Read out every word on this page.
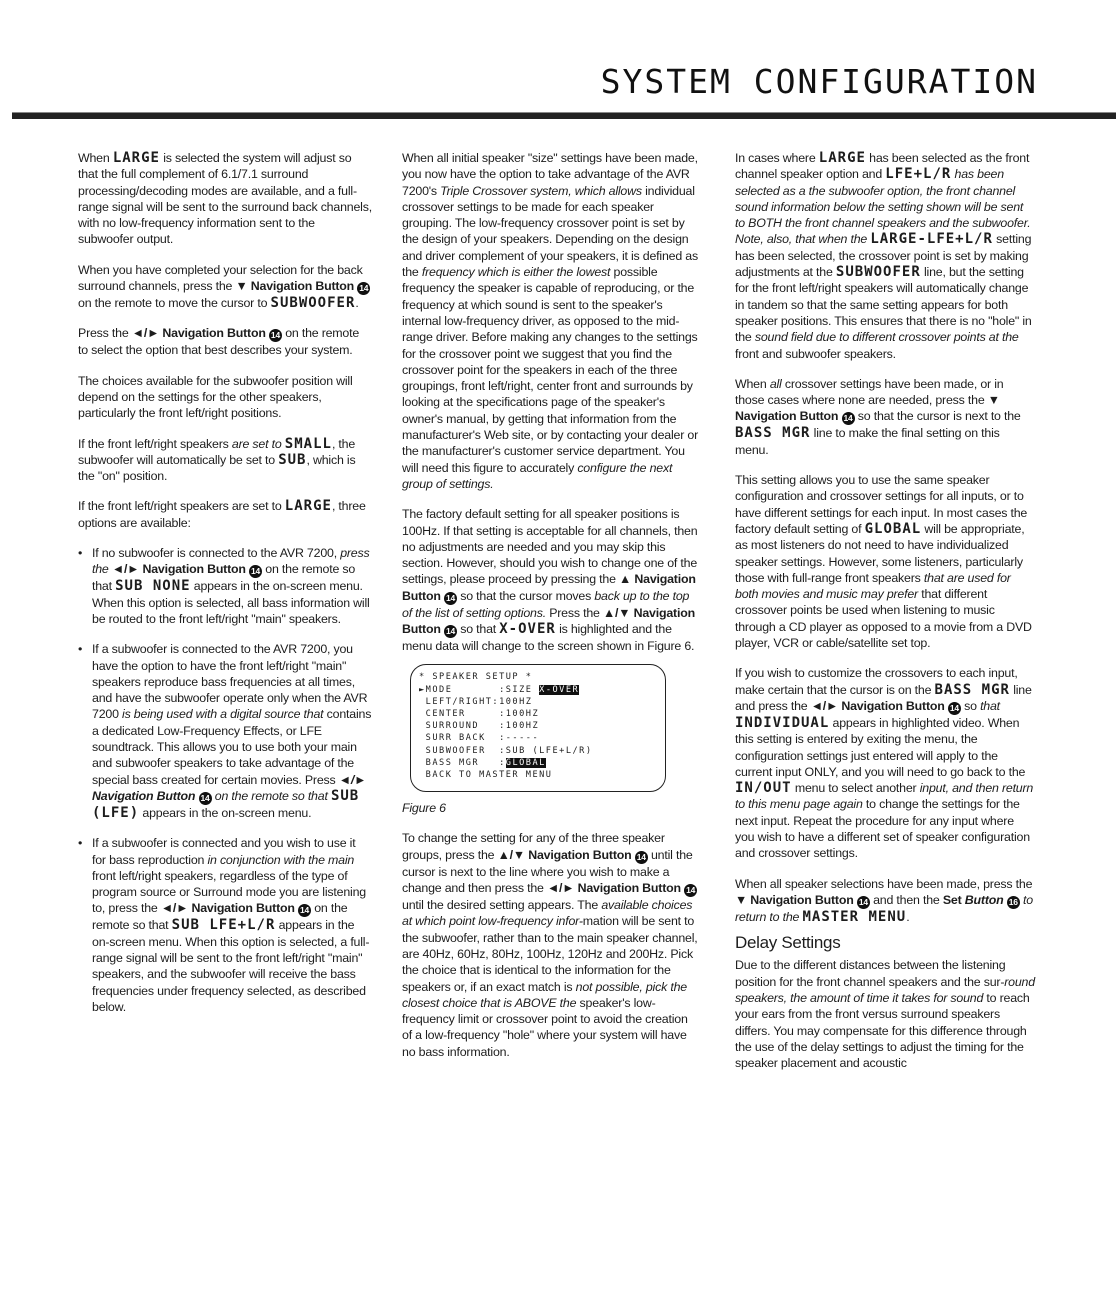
SYSTEM CONFIGURATION

When LARGE is selected the system will adjust so that the full complement of 6.1/7.1 surround processing/decoding modes are available, and a full-range signal will be sent to the surround back channels, with no low-frequency information sent to the subwoofer output.

When you have completed your selection for the back surround channels, press the ▼ Navigation Button 14 on the remote to move the cursor to SUBWOOFER.

Press the ◄/► Navigation Button 14 on the remote to select the option that best describes your system.

The choices available for the subwoofer position will depend on the settings for the other speakers, particularly the front left/right positions.

If the front left/right speakers are set to SMALL, the subwoofer will automatically be set to SUB, which is the "on" position.

If the front left/right speakers are set to LARGE, three options are available:

• If no subwoofer is connected to the AVR 7200, press the ◄/► Navigation Button 14 on the remote so that SUB NONE appears in the on-screen menu. When this option is selected, all bass information will be routed to the front left/right "main" speakers.
• If a subwoofer is connected to the AVR 7200, you have the option to have the front left/right "main" speakers reproduce bass frequencies at all times, and have the subwoofer operate only when the AVR 7200 is being used with a digital source that contains a dedicated Low-Frequency Effects, or LFE soundtrack. This allows you to use both your main and subwoofer speakers to take advantage of the special bass created for certain movies. Press ◄/► Navigation Button 14 on the remote so that SUB (LFE) appears in the on-screen menu.
• If a subwoofer is connected and you wish to use it for bass reproduction in conjunction with the main front left/right speakers, regardless of the type of program source or Surround mode you are listening to, press the ◄/► Navigation Button 14 on the remote so that SUB LFE+L/R appears in the on-screen menu. When this option is selected, a full-range signal will be sent to the front left/right "main" speakers, and the subwoofer will receive the bass frequencies under frequency selected, as described below.

When all initial speaker "size" settings have been made, you now have the option to take advantage of the AVR 7200's Triple Crossover system, which allows individual crossover settings to be made for each speaker grouping. The low-frequency crossover point is set by the design of your speakers. Depending on the design and driver complement of your speakers, it is defined as the frequency which is either the lowest possible frequency the speaker is capable of reproducing, or the frequency at which sound is sent to the speaker's internal low-frequency driver, as opposed to the mid-range driver. Before making any changes to the settings for the crossover point we suggest that you find the crossover point for the speakers in each of the three groupings, front left/right, center front and surrounds by looking at the specifications page of the speaker's owner's manual, by getting that information from the manufacturer's Web site, or by contacting your dealer or the manufacturer's customer service department. You will need this figure to accurately configure the next group of settings.

The factory default setting for all speaker positions is 100Hz. If that setting is acceptable for all channels, then no adjustments are needed and you may skip this section. However, should you wish to change one of the settings, please proceed by pressing the ▲ Navigation Button 14 so that the cursor moves back up to the top of the list of setting options. Press the ▲/▼ Navigation Button 14 so that X-OVER is highlighted and the menu data will change to the screen shown in Figure 6.

* SPEAKER SETUP *
►MODE       :SIZE X-OVER
LEFT/RIGHT:100HZ
CENTER     :100HZ
SURROUND   :100HZ
SURR BACK  :-----
SUBWOOFER  :SUB (LFE+L/R)
BASS MGR   :GLOBAL
BACK TO MASTER MENU
Figure 6

To change the setting for any of the three speaker groups, press the ▲/▼ Navigation Button 14 until the cursor is next to the line where you wish to make a change and then press the ◄/► Navigation Button 14 until the desired setting appears. The available choices at which point low-frequency infor-mation will be sent to the subwoofer, rather than to the main speaker channel, are 40Hz, 60Hz, 80Hz, 100Hz, 120Hz and 200Hz. Pick the choice that is identical to the information for the speakers or, if an exact match is not possible, pick the closest choice that is ABOVE the speaker's low-frequency limit or crossover point to avoid the creation of a low-frequency "hole" where your system will have no bass information.

In cases where LARGE has been selected as the front channel speaker option and LFE+L/R has been selected as a the subwoofer option, the front channel sound information below the setting shown will be sent to BOTH the front channel speakers and the subwoofer. Note, also, that when the LARGE-LFE+L/R setting has been selected, the crossover point is set by making adjustments at the SUBWOOFER line, but the setting for the front left/right speakers will automatically change in tandem so that the same setting appears for both speaker positions. This ensures that there is no "hole" in the sound field due to different crossover points at the front and subwoofer speakers.

When all crossover settings have been made, or in those cases where none are needed, press the ▼ Navigation Button 14 so that the cursor is next to the BASS MGR line to make the final setting on this menu.

This setting allows you to use the same speaker configuration and crossover settings for all inputs, or to have different settings for each input. In most cases the factory default setting of GLOBAL will be appropriate, as most listeners do not need to have individualized speaker settings. However, some listeners, particularly those with full-range front speakers that are used for both movies and music may prefer that different crossover points be used when listening to music through a CD player as opposed to a movie from a DVD player, VCR or cable/satellite set top.

If you wish to customize the crossovers to each input, make certain that the cursor is on the BASS MGR line and press the ◄/► Navigation Button 14 so that INDIVIDUAL appears in highlighted video. When this setting is entered by exiting the menu, the configuration settings just entered will apply to the current input ONLY, and you will need to go back to the IN/OUT menu to select another input, and then return to this menu page again to change the settings for the next input. Repeat the procedure for any input where you wish to have a different set of speaker configuration and crossover settings.

When all speaker selections have been made, press the ▼ Navigation Button 14 and then the Set Button 16 to return to the MASTER MENU.

Delay Settings

Due to the different distances between the listening position for the front channel speakers and the sur-round speakers, the amount of time it takes for sound to reach your ears from the front versus surround speakers differs. You may compensate for this difference through the use of the delay settings to adjust the timing for the speaker placement and acoustic
